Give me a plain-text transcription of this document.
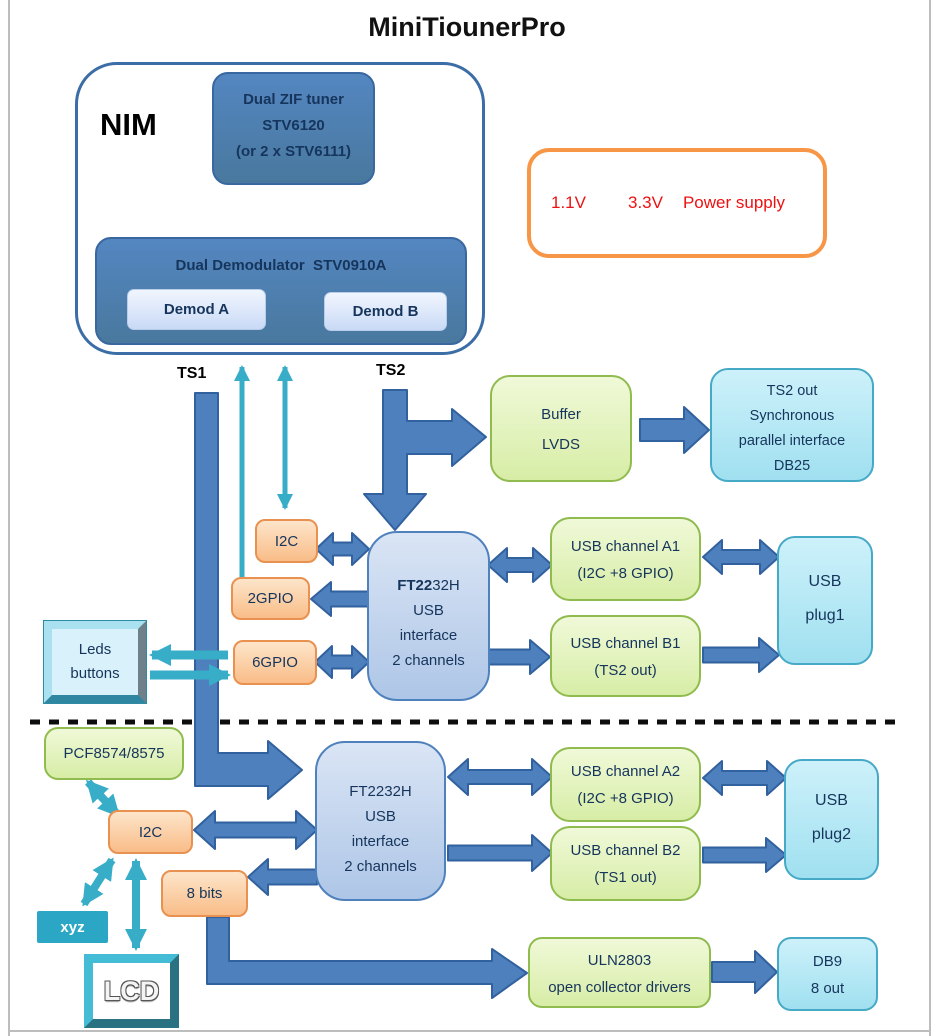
MiniTiounerPro
NIM
Dual ZIF tuner
STV6120
(or 2 x STV6111)
Dual Demodulator  STV0910A
Demod A	Demod B
1.1V 3.3V Power supply
TS1	TS2
Buffer
LVDS
TS2 out
Synchronous
parallel interface
DB25
I2C
2GPIO
6GPIO
FT2232H
USB
interface
2 channels
USB channel A1
(I2C +8 GPIO)
USB channel B1
(TS2 out)
USB
plug1
Leds
buttons
PCF8574/8575
I2C
xyz
LCD
8 bits
FT2232H
USB
interface
2 channels
USB channel A2
(I2C +8 GPIO)
USB channel B2
(TS1 out)
USB
plug2
ULN2803
open collector drivers
DB9
8 out
